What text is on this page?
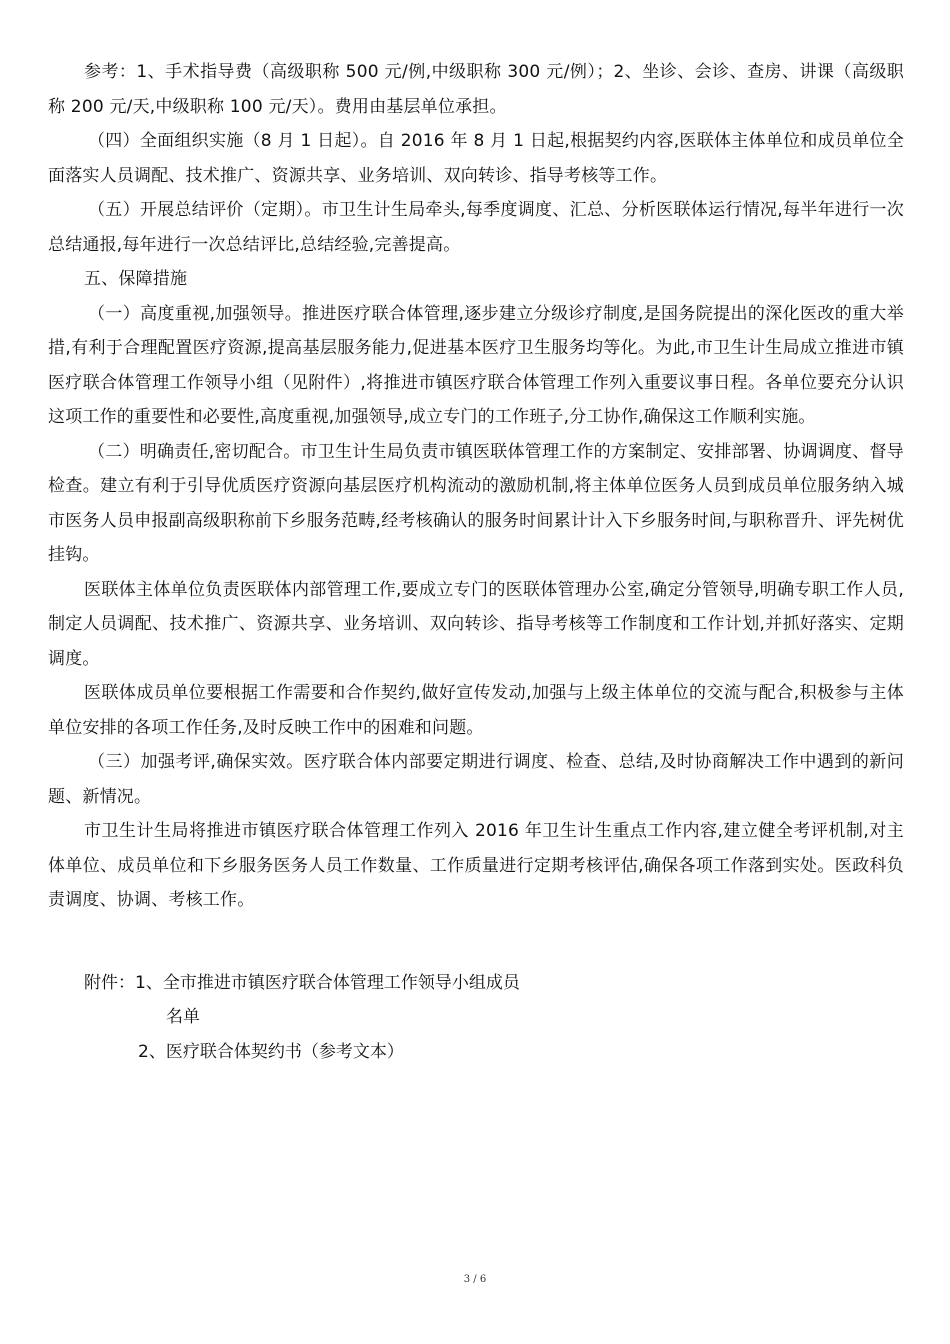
参考：1、手术指导费（高级职称 500 元/例,中级职称 300 元/例）；2、坐诊、会诊、查房、讲课（高级职称 200 元/天,中级职称 100 元/天）。费用由基层单位承担。

（四）全面组织实施（8 月 1 日起）。自 2016 年 8 月 1 日起,根据契约内容,医联体主体单位和成员单位全面落实人员调配、技术推广、资源共享、业务培训、双向转诊、指导考核等工作。

（五）开展总结评价（定期）。市卫生计生局牵头,每季度调度、汇总、分析医联体运行情况,每半年进行一次总结通报,每年进行一次总结评比,总结经验,完善提高。

五、保障措施

（一）高度重视,加强领导。推进医疗联合体管理,逐步建立分级诊疗制度,是国务院提出的深化医改的重大举措,有利于合理配置医疗资源,提高基层服务能力,促进基本医疗卫生服务均等化。为此,市卫生计生局成立推进市镇医疗联合体管理工作领导小组（见附件）,将推进市镇医疗联合体管理工作列入重要议事日程。各单位要充分认识这项工作的重要性和必要性,高度重视,加强领导,成立专门的工作班子,分工协作,确保这工作顺利实施。

（二）明确责任,密切配合。市卫生计生局负责市镇医联体管理工作的方案制定、安排部署、协调调度、督导检查。建立有利于引导优质医疗资源向基层医疗机构流动的激励机制,将主体单位医务人员到成员单位服务纳入城市医务人员申报副高级职称前下乡服务范畴,经考核确认的服务时间累计计入下乡服务时间,与职称晋升、评先树优挂钩。

医联体主体单位负责医联体内部管理工作,要成立专门的医联体管理办公室,确定分管领导,明确专职工作人员,制定人员调配、技术推广、资源共享、业务培训、双向转诊、指导考核等工作制度和工作计划,并抓好落实、定期调度。

医联体成员单位要根据工作需要和合作契约,做好宣传发动,加强与上级主体单位的交流与配合,积极参与主体单位安排的各项工作任务,及时反映工作中的困难和问题。

（三）加强考评,确保实效。医疗联合体内部要定期进行调度、检查、总结,及时协商解决工作中遇到的新问题、新情况。

市卫生计生局将推进市镇医疗联合体管理工作列入 2016 年卫生计生重点工作内容,建立健全考评机制,对主体单位、成员单位和下乡服务医务人员工作数量、工作质量进行定期考核评估,确保各项工作落到实处。医政科负责调度、协调、考核工作。

附件：1、全市推进市镇医疗联合体管理工作领导小组成员
名单
2、医疗联合体契约书（参考文本）
3 / 6
